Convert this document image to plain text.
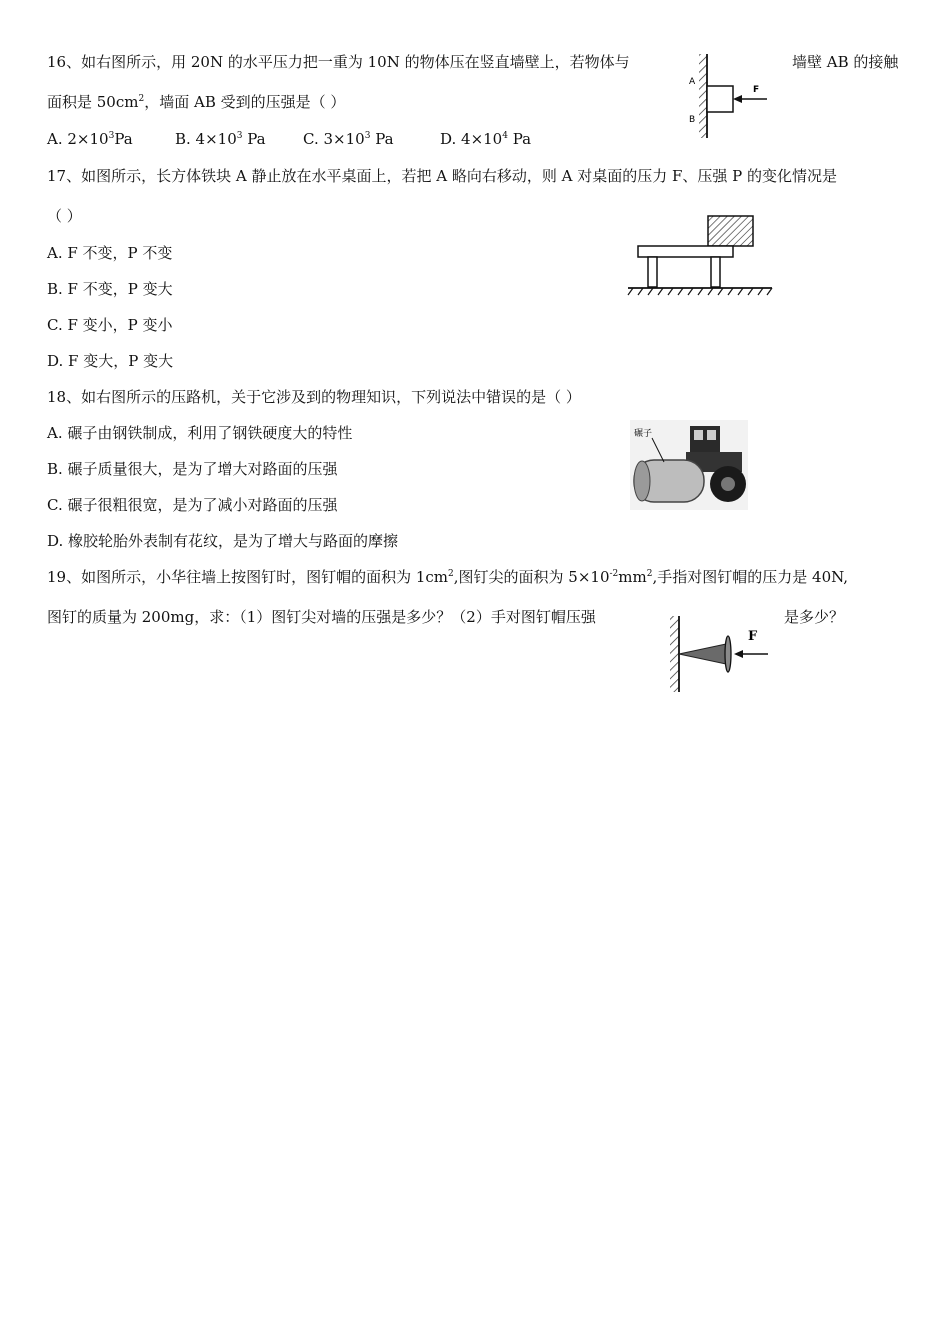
16、如右图所示，用 20N 的水平压力把一重为 10N 的物体压在竖直墙壁上，若物体与	墙壁 AB 的接触
面积是 $50cm^2$，墙面 AB 受到的压强是（ ）
A. $2\times 10^3Pa$	B. $4\times 10^3$ Pa C. $3\times 10^3$ Pa	D. $4\times 10^4$ Pa
A
B
F
17、如图所示，长方体铁块 A 静止放在水平桌面上，若把 A 略向右移动，则 A 对桌面的压力 F、压强 P 的变化情况是
（ ）
A. F 不变，P 不变
B. F 不变，P 变大
C. F 变小，P 变小
D. F 变大，P 变大
18、如右图所示的压路机，关于它涉及到的物理知识，下列说法中错误的是（ ）
A. 碾子由钢铁制成，利用了钢铁硬度大的特性
B. 碾子质量很大，是为了增大对路面的压强
C. 碾子很粗很宽，是为了减小对路面的压强
D. 橡胶轮胎外表制有花纹，是为了增大与路面的摩擦
碾子
19、如图所示，小华往墙上按图钉时，图钉帽的面积为 $1cm^2$,图钉尖的面积为 $5\times 10^{-2}mm^2$,手指对图钉帽的压力是 40N,
图钉的质量为 200mg，求：（1）图钉尖对墙的压强是多少？（2）手对图钉帽压强	是多少？
F
